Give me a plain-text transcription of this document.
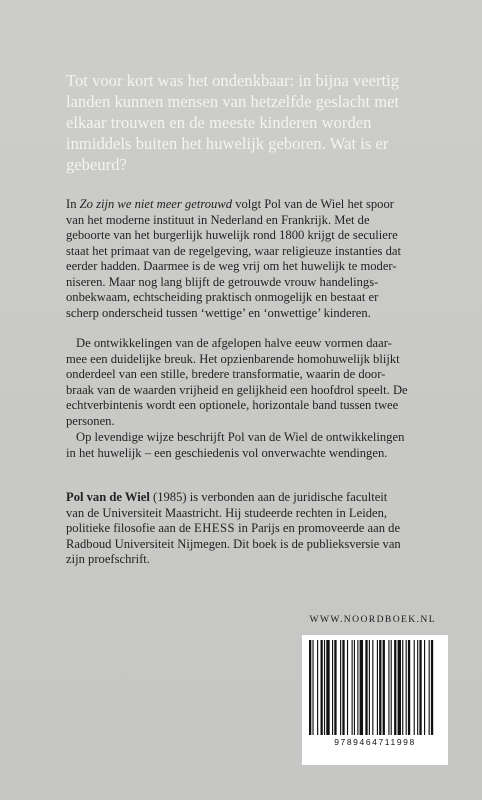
Tot voor kort was het ondenkbaar: in bijna veertig
landen kunnen mensen van hetzelfde geslacht met
elkaar trouwen en de meeste kinderen worden
inmiddels buiten het huwelijk geboren. Wat is er
gebeurd?
In Zo zijn we niet meer getrouwd volgt Pol van de Wiel het spoor
van het moderne instituut in Nederland en Frankrijk. Met de
geboorte van het burgerlijk huwelijk rond 1800 krijgt de seculiere
staat het primaat van de regelgeving, waar religieuze instanties dat
eerder hadden. Daarmee is de weg vrij om het huwelijk te moder-
niseren. Maar nog lang blijft de getrouwde vrouw handelings-
onbekwaam, echtscheiding praktisch onmogelijk en bestaat er
scherp onderscheid tussen ‘wettige’ en ‘onwettige’ kinderen.
De ontwikkelingen van de afgelopen halve eeuw vormen daar-
mee een duidelijke breuk. Het opzienbarende homohuwelijk blijkt
onderdeel van een stille, bredere transformatie, waarin de door-
braak van de waarden vrijheid en gelijkheid een hoofdrol speelt. De
echtverbintenis wordt een optionele, horizontale band tussen twee
personen.
Op levendige wijze beschrijft Pol van de Wiel de ontwikkelingen
in het huwelijk – een geschiedenis vol onverwachte wendingen.
Pol van de Wiel (1985) is verbonden aan de juridische faculteit
van de Universiteit Maastricht. Hij studeerde rechten in Leiden,
politieke filosofie aan de EHESS in Parijs en promoveerde aan de
Radboud Universiteit Nijmegen. Dit boek is de publieksversie van
zijn proefschrift.
WWW.NOORDBOEK.NL
9789464711998
